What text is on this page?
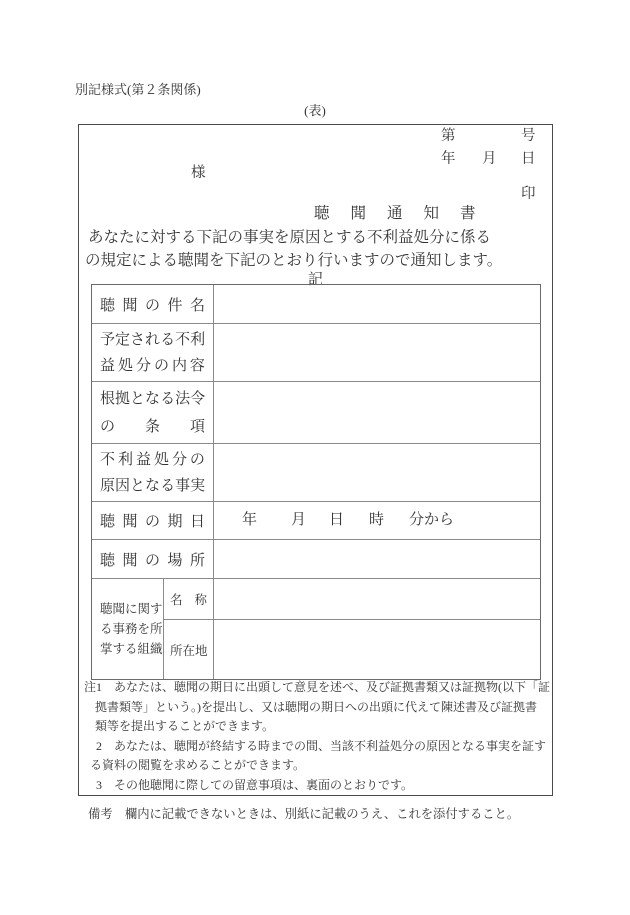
別記様式(第２条関係)
(表)
第	号
年 月 日
様
印
聴聞通知書
あなたに対する下記の事実を原因とする不利益処分に係る
の規定による聴聞を下記のとおり行いますので通知します。
記
聴 聞 の 件 名
予 定 さ れ る 不 利
益 処 分 の 内 容
根 拠 と な る 法 令
の 条 項
不 利 益 処 分 の
原 因 と な る 事 実
聴 聞 の 期 日 年 月 日 時 分から
聴 聞 の 場 所
聴聞に関す
る事務を所
掌する組織
名 称
所 在 地
注1　あなたは、聴聞の期日に出頭して意見を述べ、及び証拠書類又は証拠物(以下「証
拠書類等」という。)を提出し、又は聴聞の期日への出頭に代えて陳述書及び証拠書
類等を提出することができます。
2　あなたは、聴聞が終結する時までの間、当該不利益処分の原因となる事実を証す
る資料の閲覧を求めることができます。
3　その他聴聞に際しての留意事項は、裏面のとおりです。
備考　欄内に記載できないときは、別紙に記載のうえ、これを添付すること。
